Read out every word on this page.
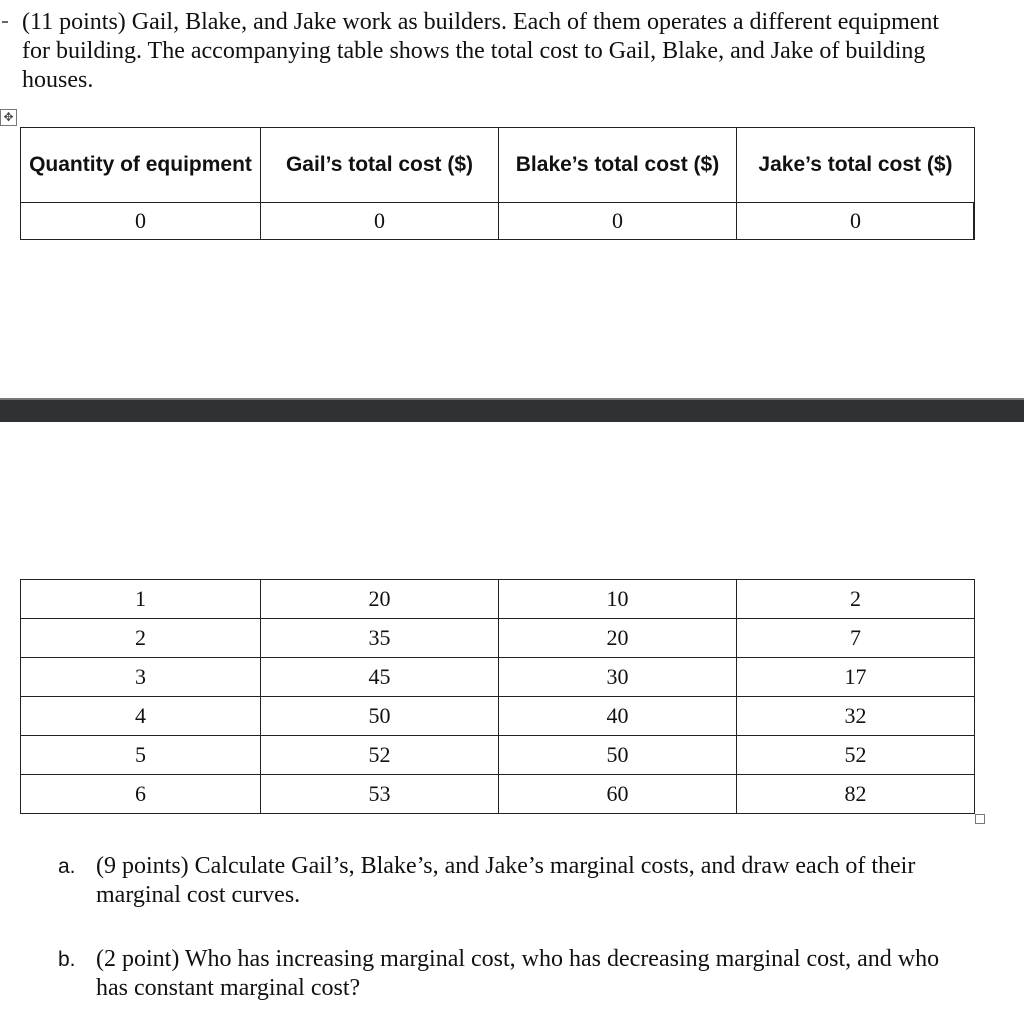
(11 points) Gail, Blake, and Jake work as builders. Each of them operates a different equipment for building. The accompanying table shows the total cost to Gail, Blake, and Jake of building houses.
✥
Quantity of equipment	Gail’s total cost ($)	Blake’s total cost ($)	Jake’s total cost ($)
0	0	0	0
1	20	10	2
2	35	20	7
3	45	30	17
4	50	40	32
5	52	50	52
6	53	60	82
a. (9 points) Calculate Gail’s, Blake’s, and Jake’s marginal costs, and draw each of their marginal cost curves.
b. (2 point) Who has increasing marginal cost, who has decreasing marginal cost, and who has constant marginal cost?
